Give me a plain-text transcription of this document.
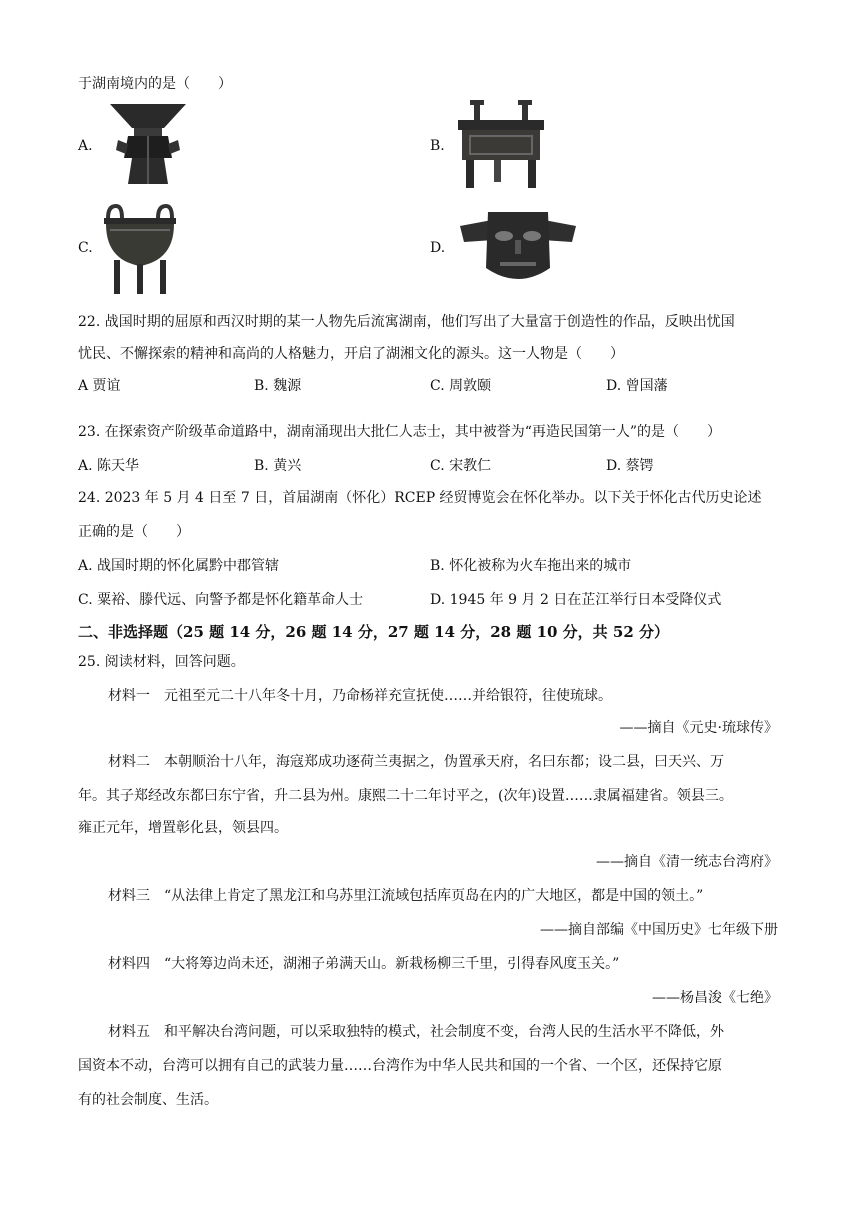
于湖南境内的是（　　）
A.	B.
C.	D.
22. 战国时期的屈原和西汉时期的某一人物先后流寓湖南，他们写出了大量富于创造性的作品，反映出忧国
忧民、不懈探索的精神和高尚的人格魅力，开启了湖湘文化的源头。这一人物是（　　）
A 贾谊	B. 魏源	C. 周敦颐	D. 曾国藩
23. 在探索资产阶级革命道路中，湖南涌现出大批仁人志士，其中被誉为“再造民国第一人”的是（　　）
A. 陈天华	B. 黄兴	C. 宋教仁	D. 蔡锷
24. 2023 年 5 月 4 日至 7 日，首届湖南（怀化）RCEP 经贸博览会在怀化举办。以下关于怀化古代历史论述
正确的是（　　）
A. 战国时期的怀化属黔中郡管辖	B. 怀化被称为火车拖出来的城市
C. 粟裕、滕代远、向警予都是怀化籍革命人士	D. 1945 年 9 月 2 日在芷江举行日本受降仪式
二、非选择题（25 题 14 分，26 题 14 分，27 题 14 分，28 题 10 分，共 52 分）
25. 阅读材料，回答问题。
材料一　元祖至元二十八年冬十月，乃命杨祥充宣抚使……并给银符，往使琉球。
——摘自《元史·琉球传》
材料二　本朝顺治十八年，海寇郑成功逐荷兰夷据之，伪置承天府，名曰东都；设二县，曰天兴、万
年。其子郑经改东都曰东宁省，升二县为州。康熙二十二年讨平之，(次年)设置……隶属福建省。领县三。
雍正元年，增置彰化县，领县四。
——摘自《清一统志台湾府》
材料三　“从法律上肯定了黑龙江和乌苏里江流域包括库页岛在内的广大地区，都是中国的领土。”
——摘自部编《中国历史》七年级下册
材料四　“大将筹边尚未还，湖湘子弟满天山。新栽杨柳三千里，引得春风度玉关。”
——杨昌浚《七绝》
材料五　和平解决台湾问题，可以采取独特的模式，社会制度不变，台湾人民的生活水平不降低，外
国资本不动，台湾可以拥有自己的武装力量……台湾作为中华人民共和国的一个省、一个区，还保持它原
有的社会制度、生活。
